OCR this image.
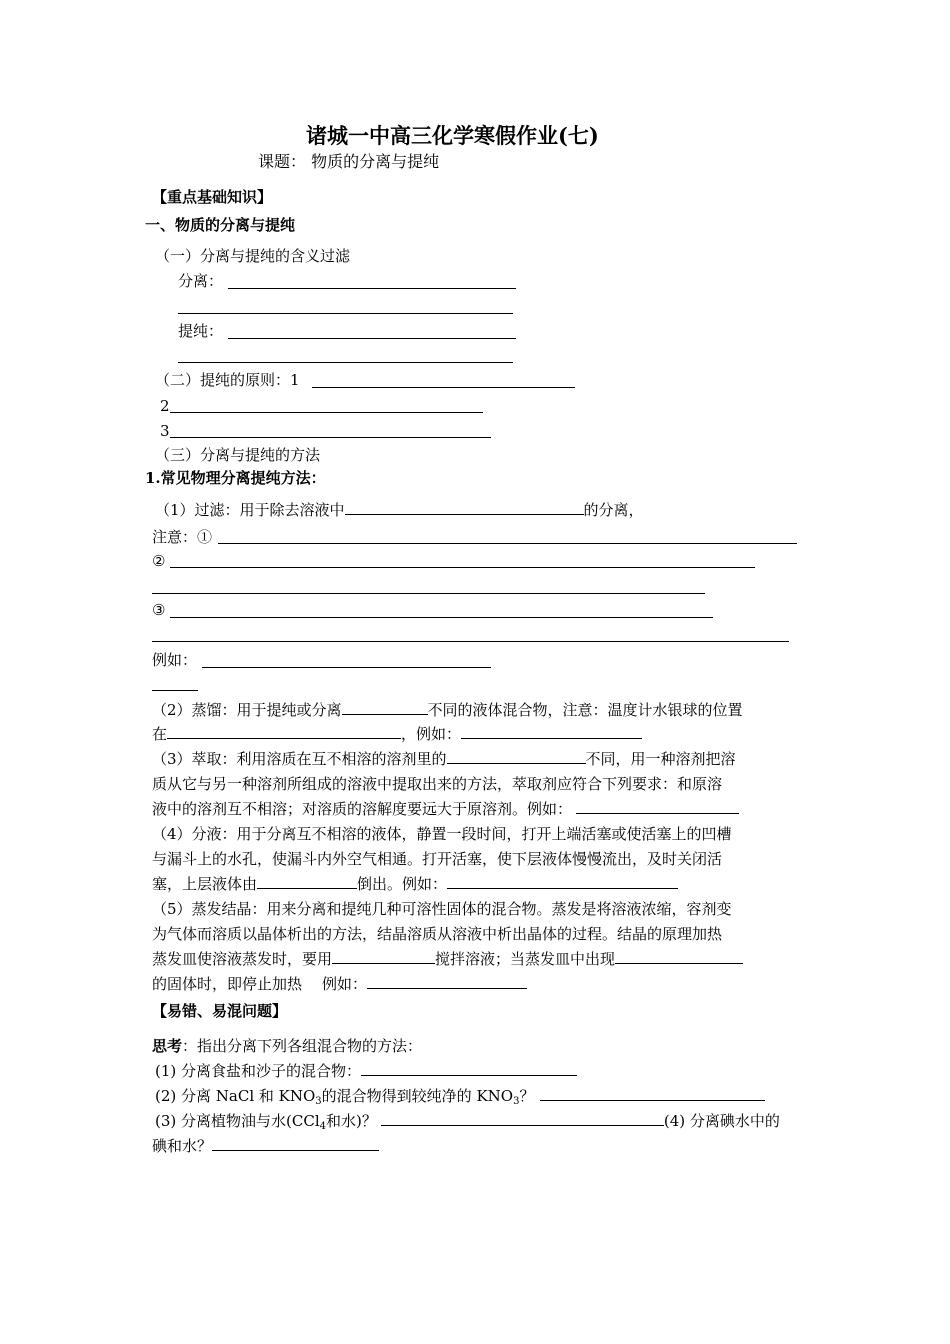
诸城一中高三化学寒假作业(七)
课题： 物质的分离与提纯
【重点基础知识】
一、物质的分离与提纯
（一）分离与提纯的含义过滤
分离：
提纯：
（二）提纯的原则：1
2
3
（三）分离与提纯的方法
1.常见物理分离提纯方法：
（1）过滤：用于除去溶液中	的分离，
注意：①
②
③
例如：
（2）蒸馏：用于提纯或分离	不同的液体混合物，注意：温度计水银球的位置
在	，例如：
（3）萃取：利用溶质在互不相溶的溶剂里的	不同，用一种溶剂把溶
质从它与另一种溶剂所组成的溶液中提取出来的方法，萃取剂应符合下列要求：和原溶
液中的溶剂互不相溶；对溶质的溶解度要远大于原溶剂。例如：
（4）分液：用于分离互不相溶的液体，静置一段时间，打开上端活塞或使活塞上的凹槽
与漏斗上的水孔，使漏斗内外空气相通。打开活塞，使下层液体慢慢流出，及时关闭活
塞，上层液体由	倒出。例如：
（5）蒸发结晶：用来分离和提纯几种可溶性固体的混合物。蒸发是将溶液浓缩，容剂变
为气体而溶质以晶体析出的方法，结晶溶质从溶液中析出晶体的过程。结晶的原理加热
蒸发皿使溶液蒸发时，要用	搅拌溶液；当蒸发皿中出现
的固体时，即停止加热 例如：
【易错、易混问题】
思考：指出分离下列各组混合物的方法：
(1) 分离食盐和沙子的混合物：
(2) 分离 NaCl 和 $KNO_3$的混合物得到较纯净的 $KNO_3$？
(3) 分离植物油与水(CCl$_4$和水)？	(4) 分离碘水中的
碘和水？
